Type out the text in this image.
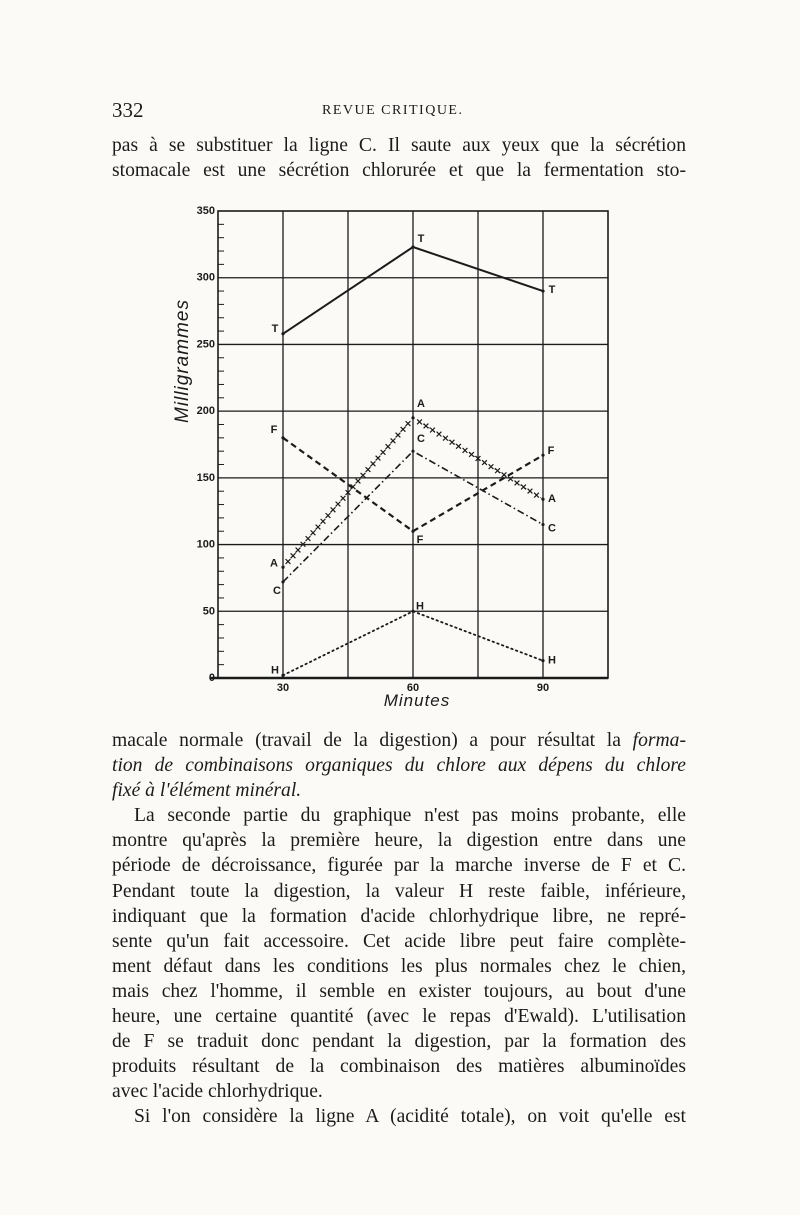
332	REVUE CRITIQUE.
pas à se substituer la ligne C. Il saute aux yeux que la sécrétion
stomacale est une sécrétion chlorurée et que la fermentation sto-
350
300
250
200
150
100
50
0
30	60	90
T
T
T
A
A
A
C
C
C
F
F
F
H
H
H
Milligrammes
Minutes
macale normale (travail de la digestion) a pour résultat la forma-
tion de combinaisons organiques du chlore aux dépens du chlore
fixé à l'élément minéral.
La seconde partie du graphique n'est pas moins probante, elle
montre qu'après la première heure, la digestion entre dans une
période de décroissance, figurée par la marche inverse de F et C.
Pendant toute la digestion, la valeur H reste faible, inférieure,
indiquant que la formation d'acide chlorhydrique libre, ne repré-
sente qu'un fait accessoire. Cet acide libre peut faire complète-
ment défaut dans les conditions les plus normales chez le chien,
mais chez l'homme, il semble en exister toujours, au bout d'une
heure, une certaine quantité (avec le repas d'Ewald). L'utilisation
de F se traduit donc pendant la digestion, par la formation des
produits résultant de la combinaison des matières albuminoïdes
avec l'acide chlorhydrique.
Si l'on considère la ligne A (acidité totale), on voit qu'elle est
